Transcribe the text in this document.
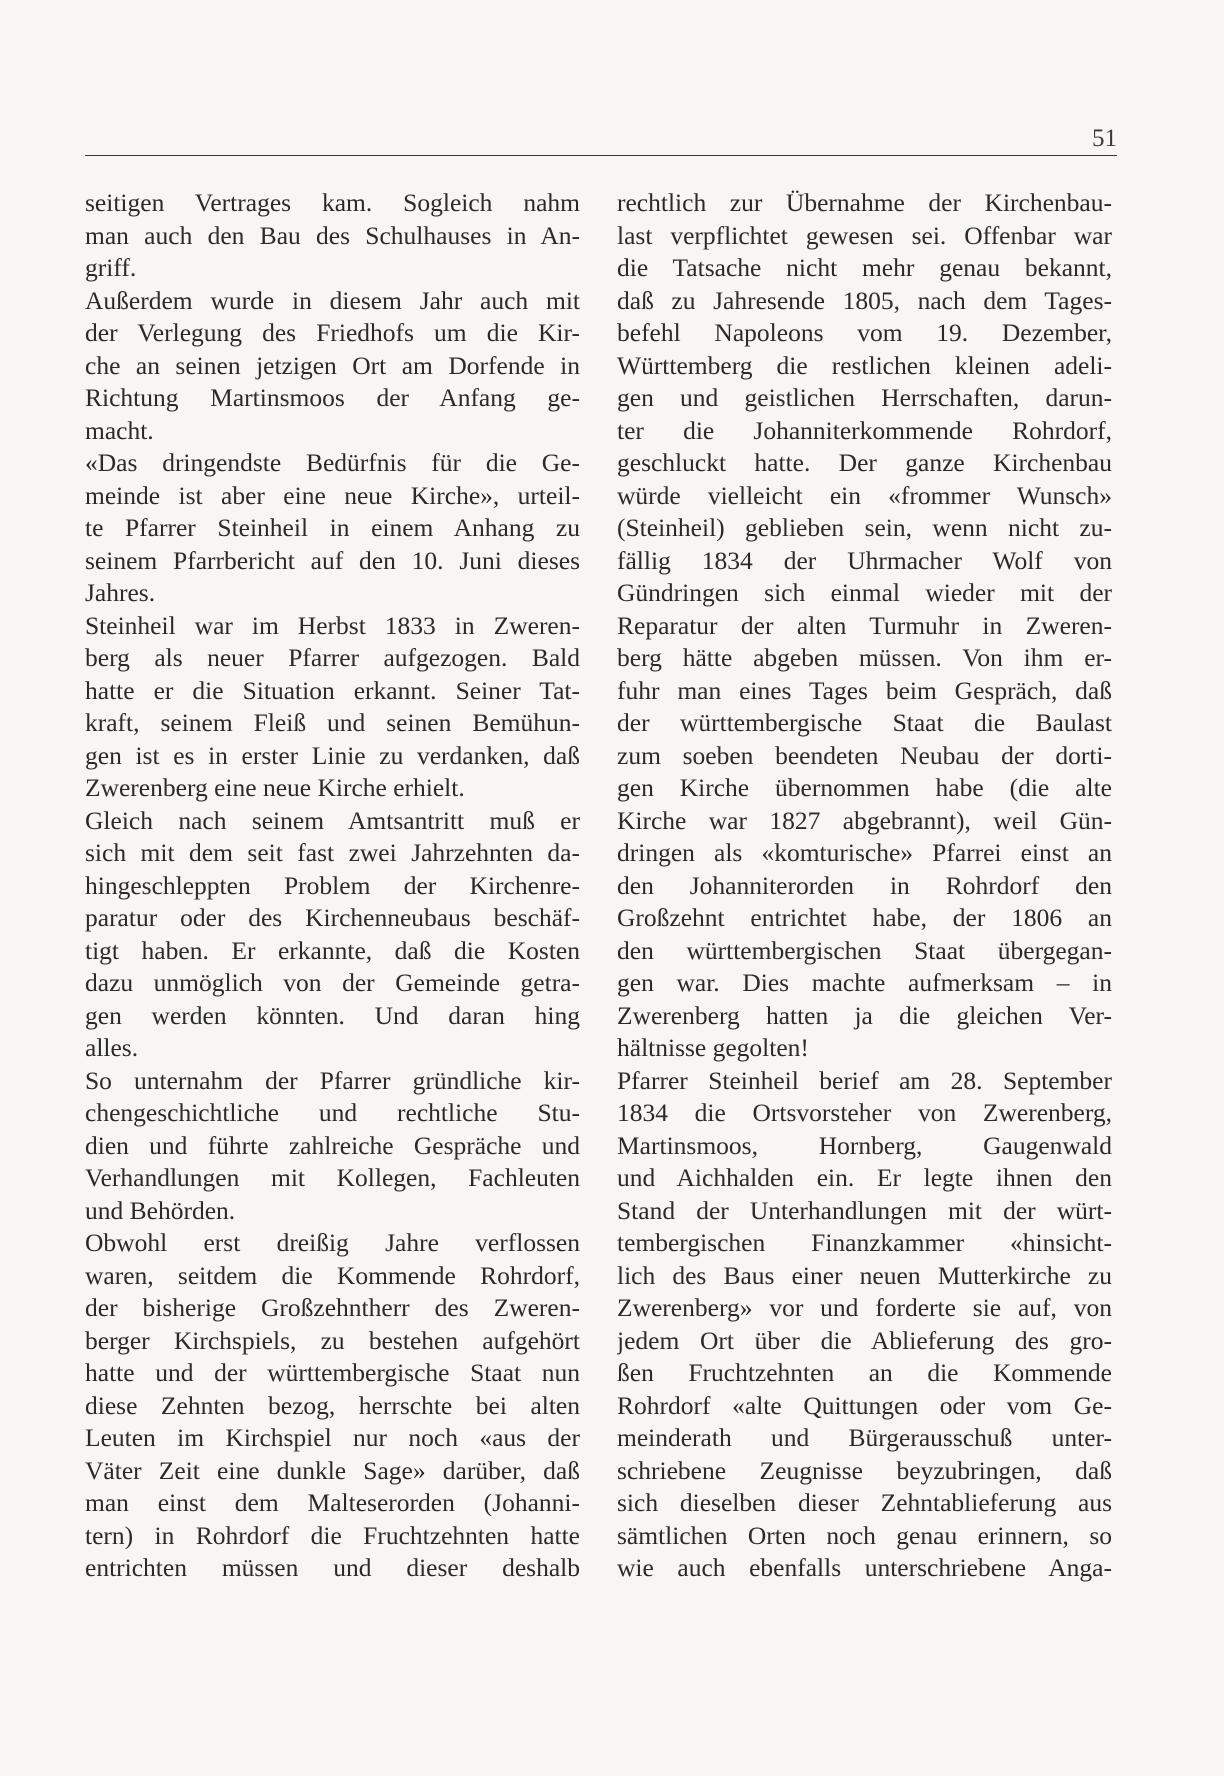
51
seitigen Vertrages kam. Sogleich nahm
man auch den Bau des Schulhauses in An-
griff.
Außerdem wurde in diesem Jahr auch mit
der Verlegung des Friedhofs um die Kir-
che an seinen jetzigen Ort am Dorfende in
Richtung Martinsmoos der Anfang ge-
macht.
«Das dringendste Bedürfnis für die Ge-
meinde ist aber eine neue Kirche», urteil-
te Pfarrer Steinheil in einem Anhang zu
seinem Pfarrbericht auf den 10. Juni dieses
Jahres.
Steinheil war im Herbst 1833 in Zweren-
berg als neuer Pfarrer aufgezogen. Bald
hatte er die Situation erkannt. Seiner Tat-
kraft, seinem Fleiß und seinen Bemühun-
gen ist es in erster Linie zu verdanken, daß
Zwerenberg eine neue Kirche erhielt.
Gleich nach seinem Amtsantritt muß er
sich mit dem seit fast zwei Jahrzehnten da-
hingeschleppten Problem der Kirchenre-
paratur oder des Kirchenneubaus beschäf-
tigt haben. Er erkannte, daß die Kosten
dazu unmöglich von der Gemeinde getra-
gen werden könnten. Und daran hing
alles.
So unternahm der Pfarrer gründliche kir-
chengeschichtliche und rechtliche Stu-
dien und führte zahlreiche Gespräche und
Verhandlungen mit Kollegen, Fachleuten
und Behörden.
Obwohl erst dreißig Jahre verflossen
waren, seitdem die Kommende Rohrdorf,
der bisherige Großzehntherr des Zweren-
berger Kirchspiels, zu bestehen aufgehört
hatte und der württembergische Staat nun
diese Zehnten bezog, herrschte bei alten
Leuten im Kirchspiel nur noch «aus der
Väter Zeit eine dunkle Sage» darüber, daß
man einst dem Malteserorden (Johanni-
tern) in Rohrdorf die Fruchtzehnten hatte
entrichten müssen und dieser deshalb
rechtlich zur Übernahme der Kirchenbau-
last verpflichtet gewesen sei. Offenbar war
die Tatsache nicht mehr genau bekannt,
daß zu Jahresende 1805, nach dem Tages-
befehl Napoleons vom 19. Dezember,
Württemberg die restlichen kleinen adeli-
gen und geistlichen Herrschaften, darun-
ter die Johanniterkommende Rohrdorf,
geschluckt hatte. Der ganze Kirchenbau
würde vielleicht ein «frommer Wunsch»
(Steinheil) geblieben sein, wenn nicht zu-
fällig 1834 der Uhrmacher Wolf von
Gündringen sich einmal wieder mit der
Reparatur der alten Turmuhr in Zweren-
berg hätte abgeben müssen. Von ihm er-
fuhr man eines Tages beim Gespräch, daß
der württembergische Staat die Baulast
zum soeben beendeten Neubau der dorti-
gen Kirche übernommen habe (die alte
Kirche war 1827 abgebrannt), weil Gün-
dringen als «komturische» Pfarrei einst an
den Johanniterorden in Rohrdorf den
Großzehnt entrichtet habe, der 1806 an
den württembergischen Staat übergegan-
gen war. Dies machte aufmerksam – in
Zwerenberg hatten ja die gleichen Ver-
hältnisse gegolten!
Pfarrer Steinheil berief am 28. September
1834 die Ortsvorsteher von Zwerenberg,
Martinsmoos, Hornberg, Gaugenwald
und Aichhalden ein. Er legte ihnen den
Stand der Unterhandlungen mit der würt-
tembergischen Finanzkammer «hinsicht-
lich des Baus einer neuen Mutterkirche zu
Zwerenberg» vor und forderte sie auf, von
jedem Ort über die Ablieferung des gro-
ßen Fruchtzehnten an die Kommende
Rohrdorf «alte Quittungen oder vom Ge-
meinderath und Bürgerausschuß unter-
schriebene Zeugnisse beyzubringen, daß
sich dieselben dieser Zehntablieferung aus
sämtlichen Orten noch genau erinnern, so
wie auch ebenfalls unterschriebene Anga-
